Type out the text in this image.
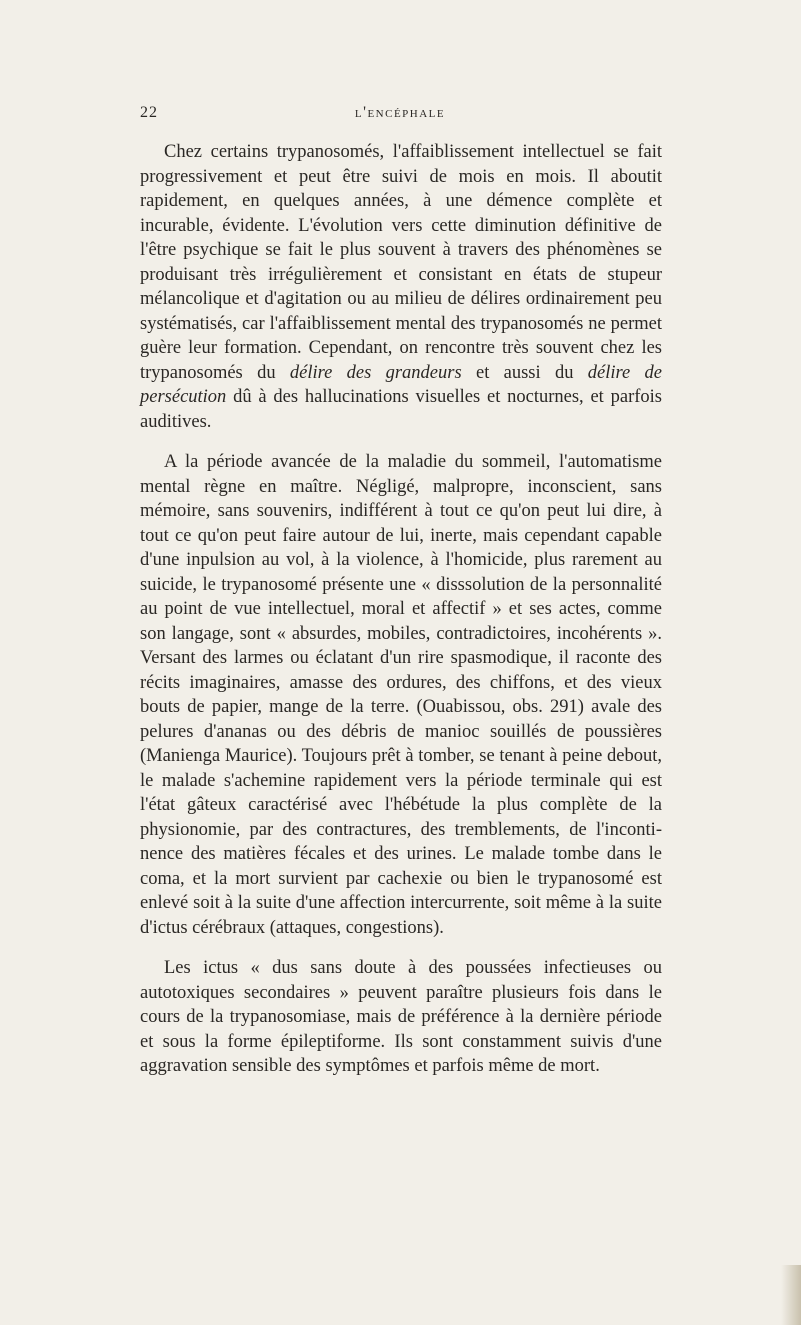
22	l'encéphale

Chez certains trypanosomés, l'affaiblissement intellectuel se fait progressivement et peut être suivi de mois en mois. Il aboutit rapidement, en quelques années, à une démence complète et incurable, évidente. L'évolution vers cette diminution définitive de l'être psychique se fait le plus souvent à travers des phénomènes se produisant très irrégulièrement et consistant en états de stupeur mélancolique et d'agitation ou au milieu de délires ordinairement peu systématisés, car l'affaiblissement mental des trypanosomés ne permet guère leur formation. Cependant, on rencontre très souvent chez les trypanosomés du délire des grandeurs et aussi du délire de persécution dû à des hallucinations visuelles et nocturnes, et parfois auditives.

A la période avancée de la maladie du sommeil, l'automatisme mental règne en maître. Négligé, malpropre, inconscient, sans mémoire, sans souvenirs, indifférent à tout ce qu'on peut lui dire, à tout ce qu'on peut faire autour de lui, inerte, mais cependant capable d'une inpulsion au vol, à la violence, à l'homicide, plus rarement au suicide, le trypanosomé présente une « disssolution de la personnalité au point de vue intellectuel, moral et affectif » et ses actes, comme son langage, sont « absurdes, mobiles, contradictoires, incohérents ». Versant des larmes ou éclatant d'un rire spasmodique, il raconte des récits imaginaires, amasse des ordures, des chiffons, et des vieux bouts de papier, mange de la terre. (Ouabissou, obs. 291) avale des pelures d'ananas ou des débris de manioc souillés de poussières (Manienga Maurice). Toujours prêt à tomber, se tenant à peine debout, le malade s'achemine rapidement vers la période terminale qui est l'état gâteux caractérisé avec l'hébétude la plus complète de la physionomie, par des contractures, des tremblements, de l'incontinence des matières fécales et des urines. Le malade tombe dans le coma, et la mort survient par cachexie ou bien le trypanosomé est enlevé soit à la suite d'une affection intercurrente, soit même à la suite d'ictus cérébraux (attaques, congestions).

Les ictus « dus sans doute à des poussées infectieuses ou autotoxiques secondaires » peuvent paraître plusieurs fois dans le cours de la trypanosomiase, mais de préférence à la dernière période et sous la forme épileptiforme. Ils sont constamment suivis d'une aggravation sensible des symptômes et parfois même de mort.
